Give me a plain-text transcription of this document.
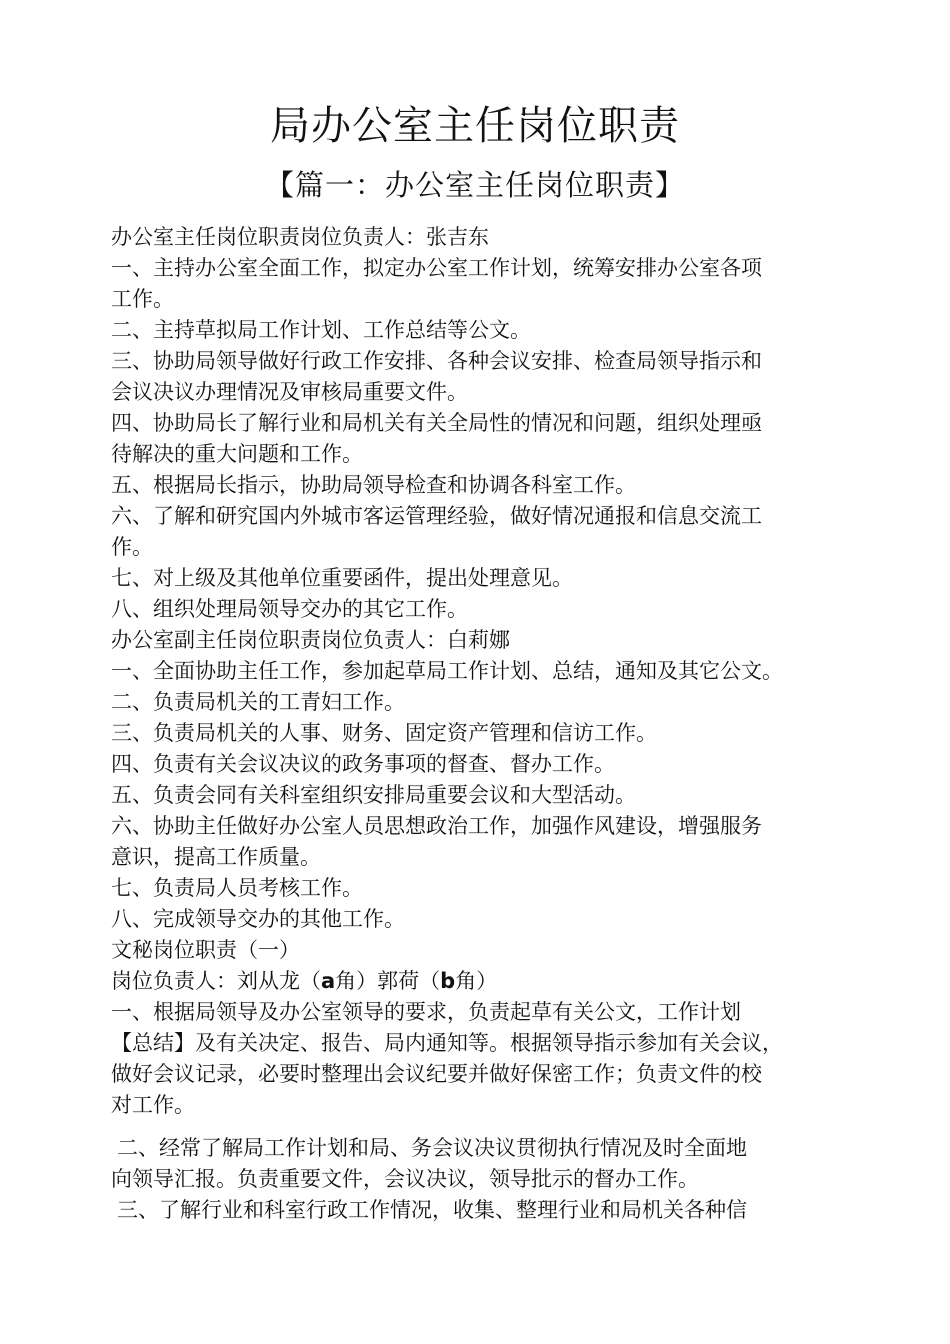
局办公室主任岗位职责
【篇一：办公室主任岗位职责】
办公室主任岗位职责岗位负责人：张吉东
一、主持办公室全面工作，拟定办公室工作计划，统筹安排办公室各项
工作。
二、主持草拟局工作计划、工作总结等公文。
三、协助局领导做好行政工作安排、各种会议安排、检查局领导指示和
会议决议办理情况及审核局重要文件。
四、协助局长了解行业和局机关有关全局性的情况和问题，组织处理亟
待解决的重大问题和工作。
五、根据局长指示，协助局领导检查和协调各科室工作。
六、了解和研究国内外城市客运管理经验，做好情况通报和信息交流工
作。
七、对上级及其他单位重要函件，提出处理意见。
八、组织处理局领导交办的其它工作。
办公室副主任岗位职责岗位负责人：白莉娜
一、全面协助主任工作，参加起草局工作计划、总结，通知及其它公文。
二、负责局机关的工青妇工作。
三、负责局机关的人事、财务、固定资产管理和信访工作。
四、负责有关会议决议的政务事项的督查、督办工作。
五、负责会同有关科室组织安排局重要会议和大型活动。
六、协助主任做好办公室人员思想政治工作，加强作风建设，增强服务
意识，提高工作质量。
七、负责局人员考核工作。
八、完成领导交办的其他工作。
文秘岗位职责（一）
岗位负责人：刘从龙（a角）郭荷（b角）
一、根据局领导及办公室领导的要求，负责起草有关公文，工作计划
【总结】及有关决定、报告、局内通知等。根据领导指示参加有关会议，
做好会议记录，必要时整理出会议纪要并做好保密工作；负责文件的校
对工作。
二、经常了解局工作计划和局、务会议决议贯彻执行情况及时全面地
向领导汇报。负责重要文件，会议决议，领导批示的督办工作。
三、了解行业和科室行政工作情况，收集、整理行业和局机关各种信
